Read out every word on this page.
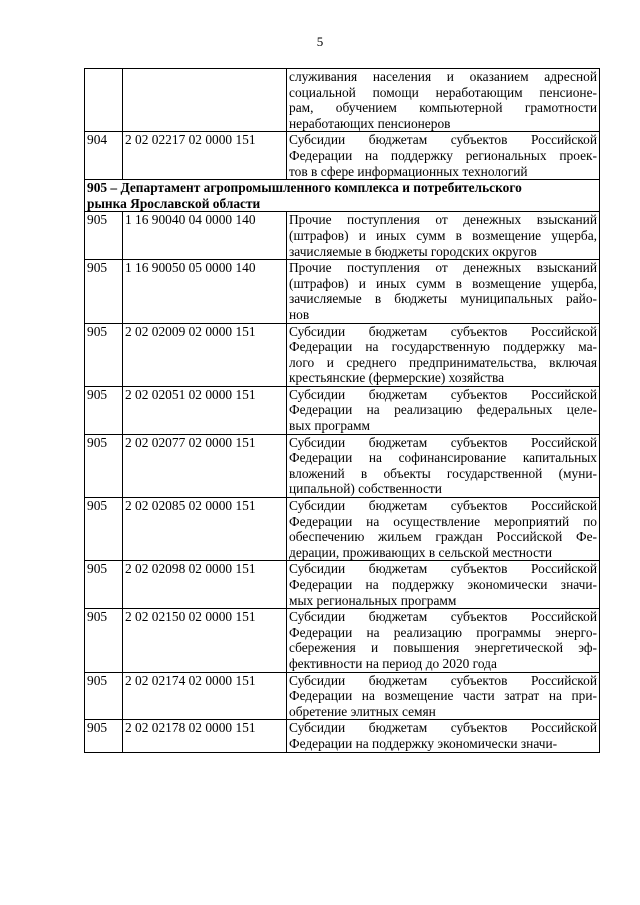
5

		служивания населения и оказанием адресной
социальной помощи неработающим пенсионе-
рам, обучением компьютерной грамотности
неработающих пенсионеров

904	2 02 02217 02 0000 151	Субсидии бюджетам субъектов Российской
Федерации на поддержку региональных проек-
тов в сфере информационных технологий

905 – Департамент агропромышленного комплекса и потребительского
рынка Ярославской области		

905	1 16 90040 04 0000 140	Прочие поступления от денежных взысканий
(штрафов) и иных сумм в возмещение ущерба,
зачисляемые в бюджеты городских округов

905	1 16 90050 05 0000 140	Прочие поступления от денежных взысканий
(штрафов) и иных сумм в возмещение ущерба,
зачисляемые в бюджеты муниципальных райо-
нов

905	2 02 02009 02 0000 151	Субсидии бюджетам субъектов Российской
Федерации на государственную поддержку ма-
лого и среднего предпринимательства, включая
крестьянские (фермерские) хозяйства

905	2 02 02051 02 0000 151	Субсидии бюджетам субъектов Российской
Федерации на реализацию федеральных целе-
вых программ

905	2 02 02077 02 0000 151	Субсидии бюджетам субъектов Российской
Федерации на софинансирование капитальных
вложений в объекты государственной (муни-
ципальной) собственности

905	2 02 02085 02 0000 151	Субсидии бюджетам субъектов Российской
Федерации на осуществление мероприятий по
обеспечению жильем граждан Российской Фе-
дерации, проживающих в сельской местности

905	2 02 02098 02 0000 151	Субсидии бюджетам субъектов Российской
Федерации на поддержку экономически значи-
мых региональных программ

905	2 02 02150 02 0000 151	Субсидии бюджетам субъектов Российской
Федерации на реализацию программы энерго-
сбережения и повышения энергетической эф-
фективности на период до 2020 года

905	2 02 02174 02 0000 151	Субсидии бюджетам субъектов Российской
Федерации на возмещение части затрат на при-
обретение элитных семян

905	2 02 02178 02 0000 151	Субсидии бюджетам субъектов Российской
Федерации на поддержку экономически значи-
